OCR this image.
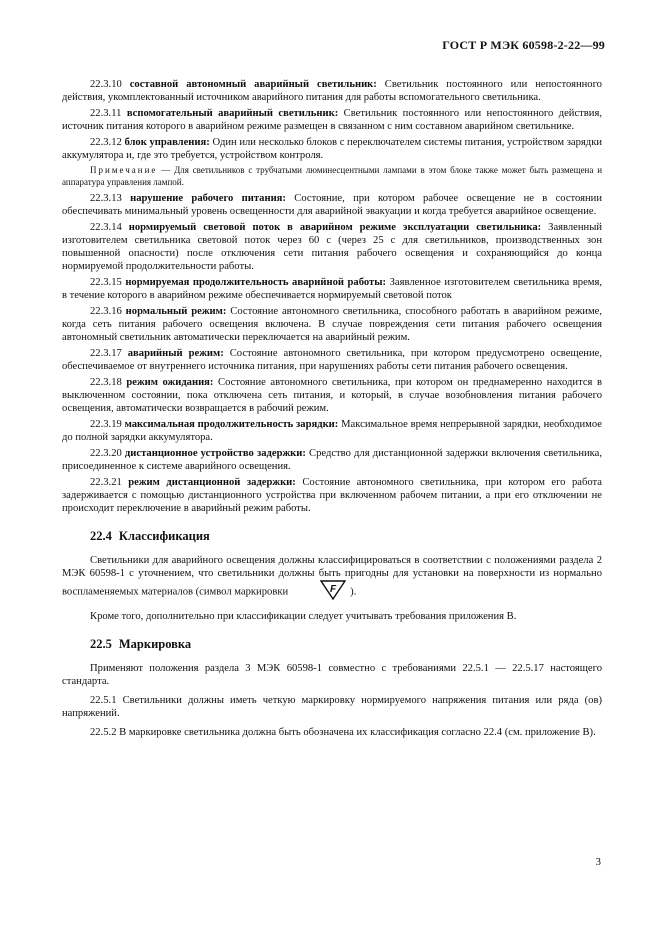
ГОСТ Р МЭК 60598-2-22—99
22.3.10 составной автономный аварийный светильник: Светильник постоянного или непостоянного действия, укомплектованный источником аварийного питания для работы вспомогательного светильника.
22.3.11 вспомогательный аварийный светильник: Светильник постоянного или непостоянного действия, источник питания которого в аварийном режиме размещен в связанном с ним составном аварийном светильнике.
22.3.12 блок управления: Один или несколько блоков с переключателем системы питания, устройством зарядки аккумулятора и, где это требуется, устройством контроля.
Примечание — Для светильников с трубчатыми люминесцентными лампами в этом блоке также может быть размещена и аппаратура управления лампой.
22.3.13 нарушение рабочего питания: Состояние, при котором рабочее освещение не в состоянии обеспечивать минимальный уровень освещенности для аварийной эвакуации и когда требуется аварийное освещение.
22.3.14 нормируемый световой поток в аварийном режиме эксплуатации светильника: Заявленный изготовителем светильника световой поток через 60 с (через 25 с для светильников, производственных зон повышенной опасности) после отключения сети питания рабочего освещения и сохраняющийся до конца нормируемой продолжительности работы.
22.3.15 нормируемая продолжительность аварийной работы: Заявленное изготовителем светильника время, в течение которого в аварийном режиме обеспечивается нормируемый световой поток
22.3.16 нормальный режим: Состояние автономного светильника, способного работать в аварийном режиме, когда сеть питания рабочего освещения включена. В случае повреждения сети питания рабочего освещения автономный светильник автоматически переключается на аварийный режим.
22.3.17 аварийный режим: Состояние автономного светильника, при котором предусмотрено освещение, обеспечиваемое от внутреннего источника питания, при нарушениях работы сети питания рабочего освещения.
22.3.18 режим ожидания: Состояние автономного светильника, при котором он преднамеренно находится в выключенном состоянии, пока отключена сеть питания, и который, в случае возобновления питания рабочего освещения, автоматически возвращается в рабочий режим.
22.3.19 максимальная продолжительность зарядки: Максимальное время непрерывной зарядки, необходимое до полной зарядки аккумулятора.
22.3.20 дистанционное устройство задержки: Средство для дистанционной задержки включения светильника, присоединенное к системе аварийного освещения.
22.3.21 режим дистанционной задержки: Состояние автономного светильника, при котором его работа задерживается с помощью дистанционного устройства при включенном рабочем питании, а при его отключении не происходит переключение в аварийный режим работы.
22.4 Классификация
Светильники для аварийного освещения должны классифицироваться в соответствии с положениями раздела 2 МЭК 60598-1 с уточнением, что светильники должны быть пригодны для установки на поверхности из нормально воспламеняемых материалов (символ маркировки	F ).
Кроме того, дополнительно при классификации следует учитывать требования приложения В.
22.5 Маркировка
Применяют положения раздела 3 МЭК 60598-1 совместно с требованиями 22.5.1 — 22.5.17 настоящего стандарта.
22.5.1 Светильники должны иметь четкую маркировку нормируемого напряжения питания или ряда (ов) напряжений.
22.5.2 В маркировке светильника должна быть обозначена их классификация согласно 22.4 (см. приложение В).
3
